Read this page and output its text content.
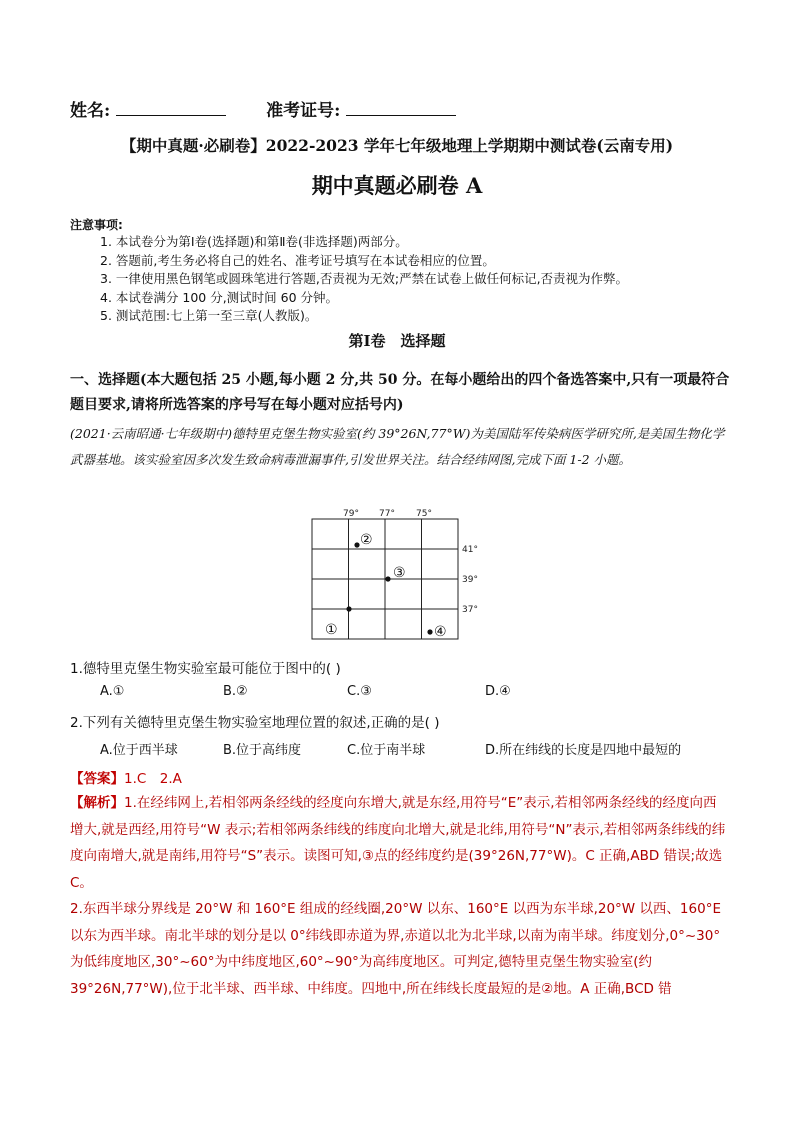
姓名:	准考证号:
【期中真题·必刷卷】2022-2023 学年七年级地理上学期期中测试卷(云南专用)
期中真题必刷卷 A
注意事项:
1. 本试卷分为第Ⅰ卷(选择题)和第Ⅱ卷(非选择题)两部分。
2. 答题前,考生务必将自己的姓名、准考证号填写在本试卷相应的位置。
3. 一律使用黑色钢笔或圆珠笔进行答题,否责视为无效;严禁在试卷上做任何标记,否责视为作弊。
4. 本试卷满分 100 分,测试时间 60 分钟。
5. 测试范围:七上第一至三章(人教版)。
第Ⅰ卷　选择题
一、选择题(本大题包括 25 小题,每小题 2 分,共 50 分。在每小题给出的四个备选答案中,只有一项最符合题目要求,请将所选答案的序号写在每小题对应括号内)
(2021·云南昭通·七年级期中)德特里克堡生物实验室(约 39°26N,77°W)为美国陆军传染病医学研究所,是美国生物化学武器基地。该实验室因多次发生致命病毒泄漏事件,引发世界关注。结合经纬网图,完成下面 1-2 小题。
79° 77° 75°
41°
39°
37°
①
②
③
④
1.德特里克堡生物实验室最可能位于图中的( )
A.①	B.②	C.③	D.④
2.下列有关德特里克堡生物实验室地理位置的叙述,正确的是( )
A.位于西半球	B.位于高纬度	C.位于南半球	D.所在纬线的长度是四地中最短的
【答案】1.C　2.A

【解析】1.在经纬网上,若相邻两条经线的经度向东增大,就是东经,用符号“E”表示,若相邻两条经线的经度向西增大,就是西经,用符号“W 表示;若相邻两条纬线的纬度向北增大,就是北纬,用符号“N”表示,若相邻两条纬线的纬度向南增大,就是南纬,用符号“S”表示。读图可知,③点的经纬度约是(39°26N,77°W)。C 正确,ABD 错误;故选 C。

2.东西半球分界线是 20°W 和 160°E 组成的经线圈,20°W 以东、160°E 以西为东半球,20°W 以西、160°E 以东为西半球。南北半球的划分是以 0°纬线即赤道为界,赤道以北为北半球,以南为南半球。纬度划分,0°~30°为低纬度地区,30°~60°为中纬度地区,60°~90°为高纬度地区。可判定,德特里克堡生物实验室(约 39°26N,77°W),位于北半球、西半球、中纬度。四地中,所在纬线长度最短的是②地。A 正确,BCD 错
